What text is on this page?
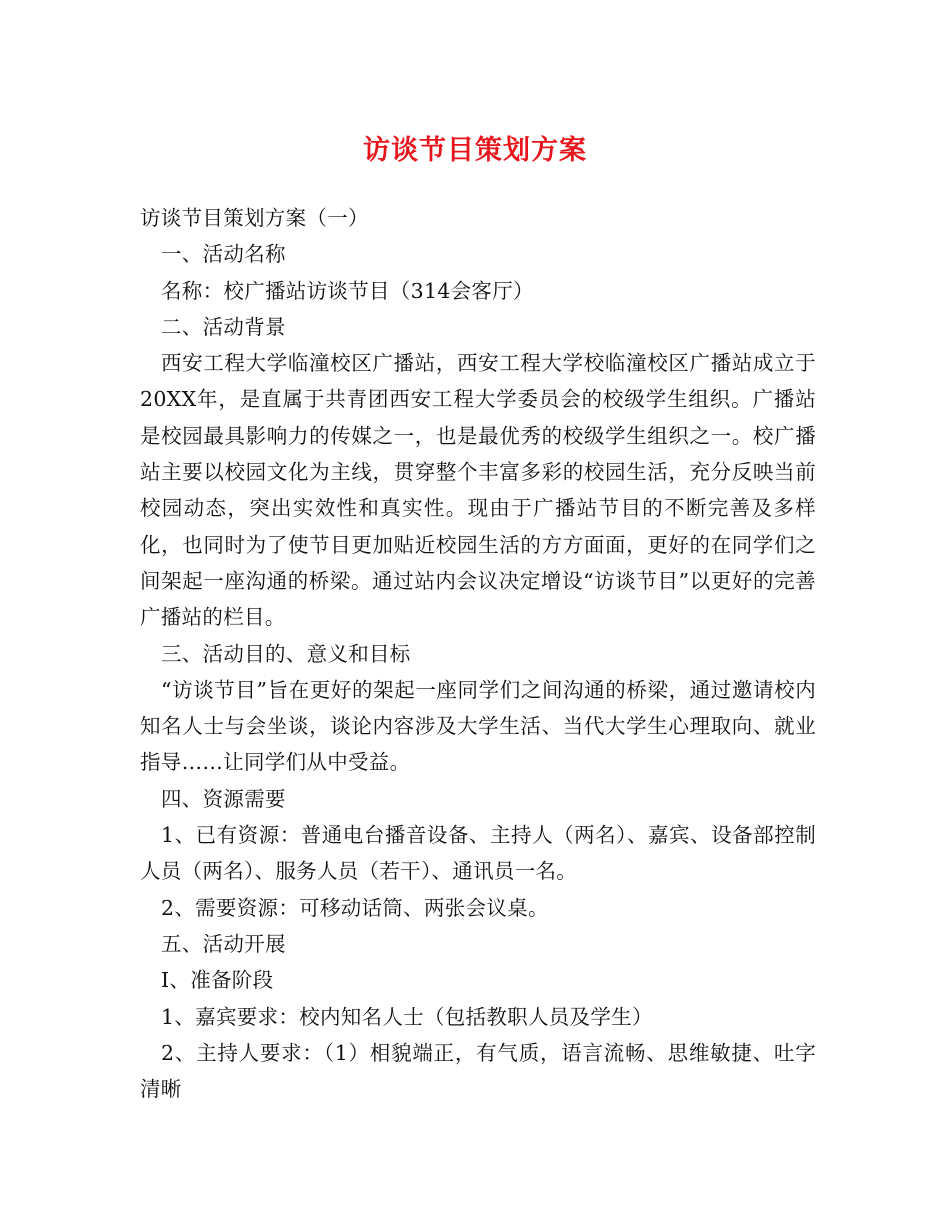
访谈节目策划方案

访谈节目策划方案（一）

一、活动名称

名称：校广播站访谈节目（314会客厅）

二、活动背景

西安工程大学临潼校区广播站，西安工程大学校临潼校区广播站成立于20XX年，是直属于共青团西安工程大学委员会的校级学生组织。广播站是校园最具影响力的传媒之一，也是最优秀的校级学生组织之一。校广播站主要以校园文化为主线，贯穿整个丰富多彩的校园生活，充分反映当前校园动态，突出实效性和真实性。现由于广播站节目的不断完善及多样化，也同时为了使节目更加贴近校园生活的方方面面，更好的在同学们之间架起一座沟通的桥梁。通过站内会议决定增设“访谈节目”以更好的完善广播站的栏目。

三、活动目的、意义和目标

“访谈节目”旨在更好的架起一座同学们之间沟通的桥梁，通过邀请校内知名人士与会坐谈，谈论内容涉及大学生活、当代大学生心理取向、就业指导……让同学们从中受益。

四、资源需要

1、已有资源：普通电台播音设备、主持人（两名）、嘉宾、设备部控制人员（两名）、服务人员（若干）、通讯员一名。

2、需要资源：可移动话筒、两张会议桌。

五、活动开展

Ⅰ、准备阶段

1、嘉宾要求：校内知名人士（包括教职人员及学生）

2、主持人要求：（1）相貌端正，有气质，语言流畅、思维敏捷、吐字清晰
